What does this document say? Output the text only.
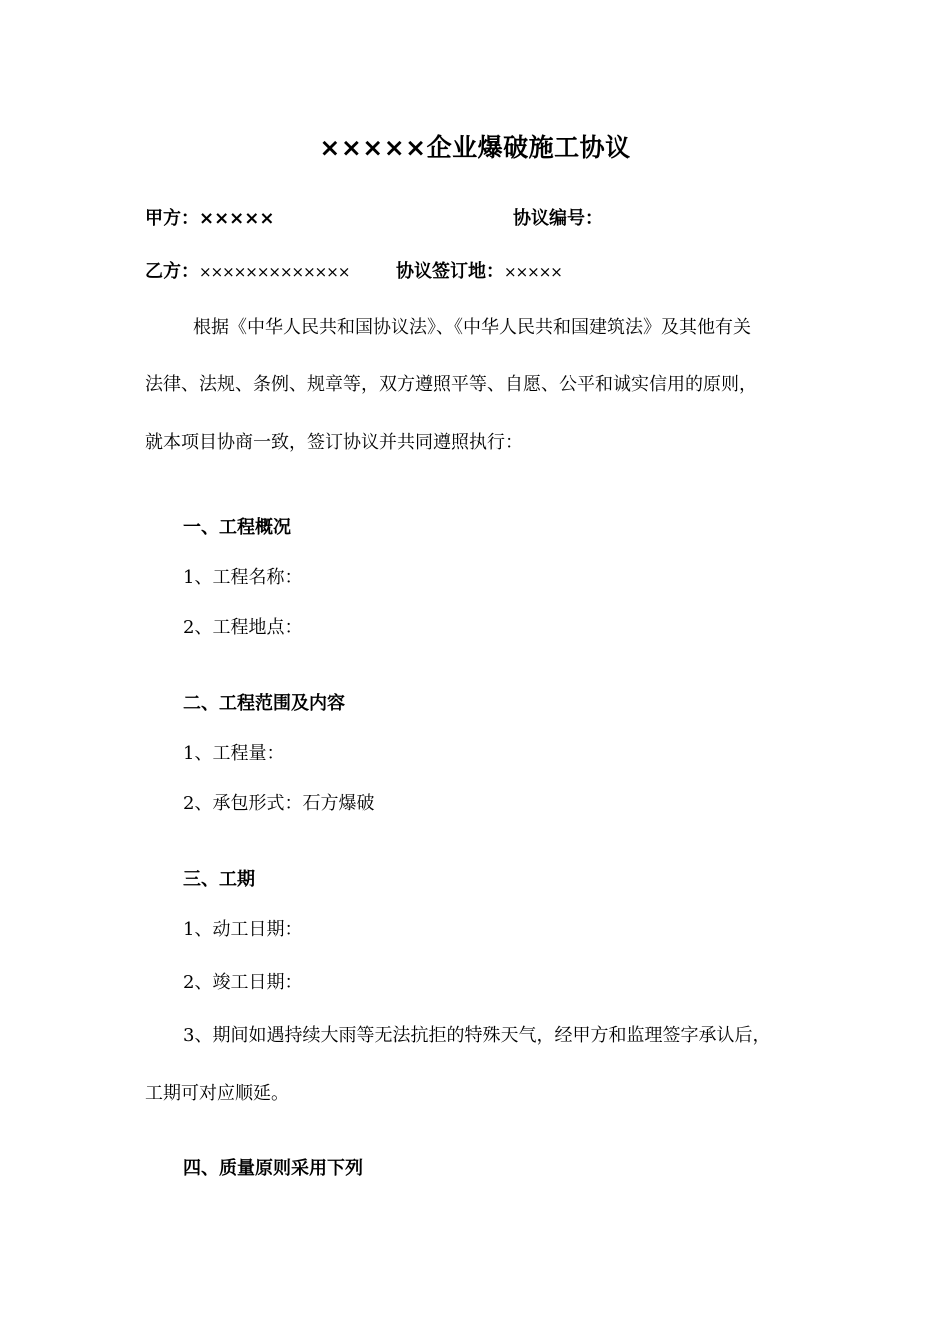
×××××企业爆破施工协议
甲方：×××××	协议编号：
乙方：×××××××××××××	协议签订地：×××××
根据《中华人民共和国协议法》、《中华人民共和国建筑法》及其他有关
法律、法规、条例、规章等，双方遵照平等、自愿、公平和诚实信用的原则，
就本项目协商一致，签订协议并共同遵照执行：
一、工程概况
1、工程名称：
2、工程地点：
二、工程范围及内容
1、工程量：
2、承包形式：石方爆破
三、工期
1、动工日期：
2、竣工日期：
3、期间如遇持续大雨等无法抗拒的特殊天气，经甲方和监理签字承认后，
工期可对应顺延。
四、质量原则采用下列
